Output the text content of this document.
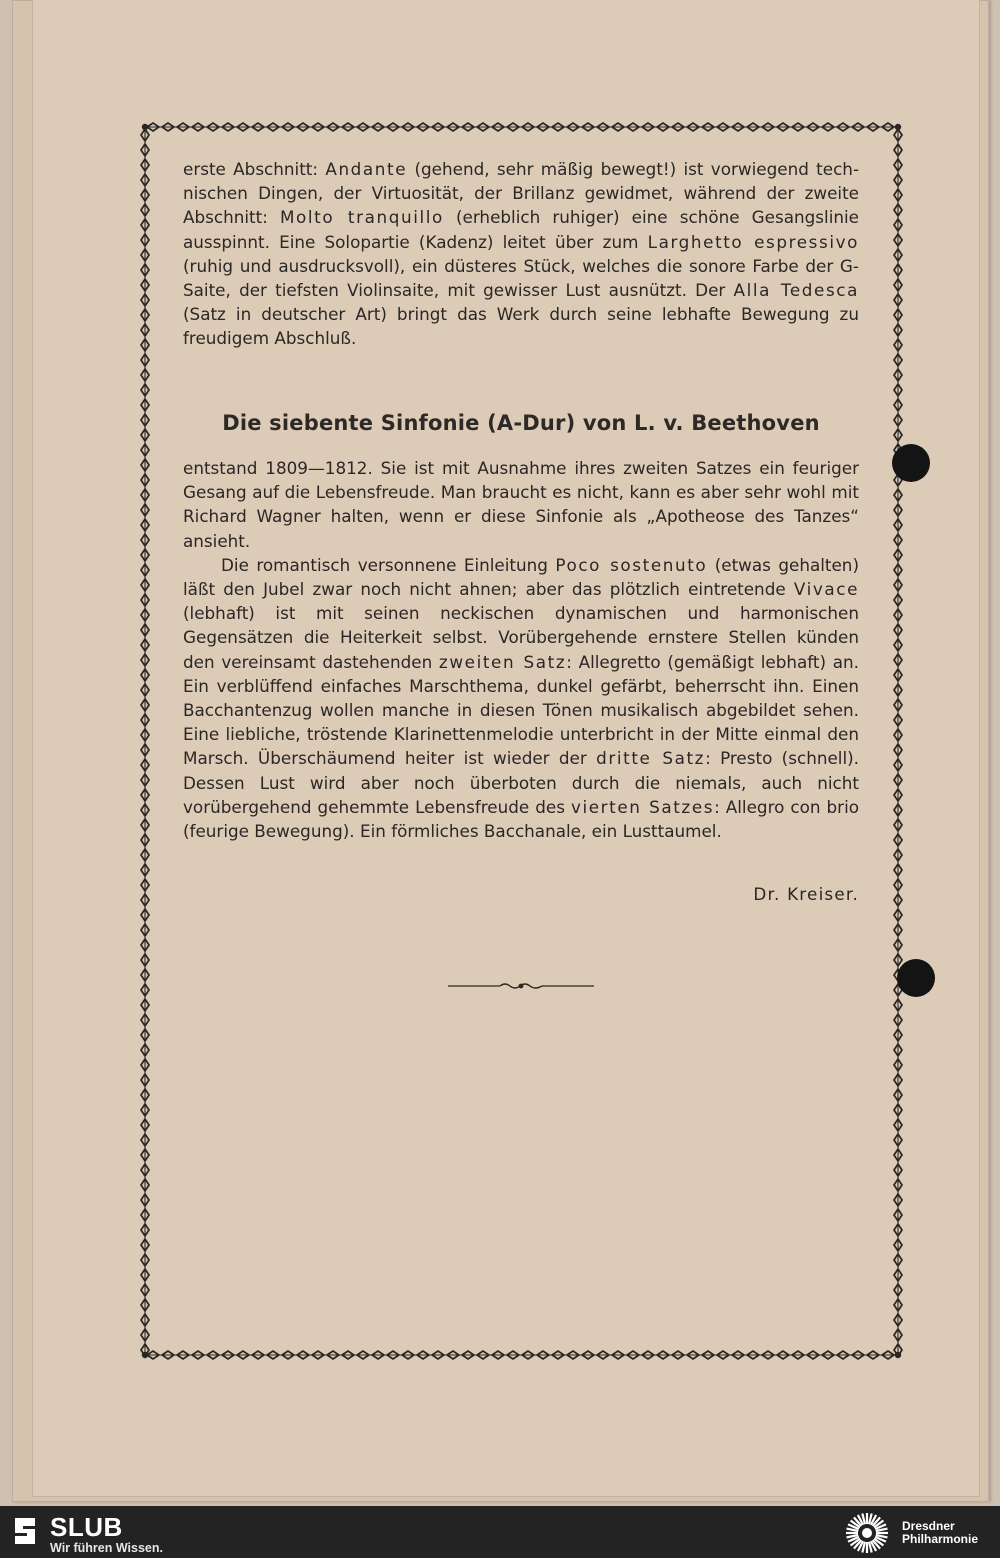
erste Abschnitt: Andante (gehend, sehr mäßig bewegt!) ist vorwiegend technischen Dingen, der Virtuosität, der Brillanz gewidmet, während der zweite Abschnitt: Molto tranquillo (erheblich ruhiger) eine schöne Gesangslinie ausspinnt. Eine Solopartie (Kadenz) leitet über zum Larghetto espressivo (ruhig und ausdrucksvoll), ein düsteres Stück, welches die sonore Farbe der G-Saite, der tiefsten Violinsaite, mit gewisser Lust ausnützt. Der Alla Tedesca (Satz in deutscher Art) bringt das Werk durch seine lebhafte Bewegung zu freudigem Abschluß.
Die siebente Sinfonie (A-Dur) von L. v. Beethoven

entstand 1809—1812. Sie ist mit Ausnahme ihres zweiten Satzes ein feuriger Gesang auf die Lebensfreude. Man braucht es nicht, kann es aber sehr wohl mit Richard Wagner halten, wenn er diese Sinfonie als „Apotheose des Tanzes“ ansieht.

Die romantisch versonnene Einleitung Poco sostenuto (etwas gehalten) läßt den Jubel zwar noch nicht ahnen; aber das plötzlich eintretende Vivace (lebhaft) ist mit seinen neckischen dynamischen und harmonischen Gegensätzen die Heiterkeit selbst. Vorübergehende ernstere Stellen künden den vereinsamt dastehenden zweiten Satz: Allegretto (gemäßigt lebhaft) an. Ein verblüffend einfaches Marschthema, dunkel gefärbt, beherrscht ihn. Einen Bacchantenzug wollen manche in diesen Tönen musikalisch abgebildet sehen. Eine liebliche, tröstende Klarinettenmelodie unterbricht in der Mitte einmal den Marsch. Überschäumend heiter ist wieder der dritte Satz: Presto (schnell). Dessen Lust wird aber noch überboten durch die niemals, auch nicht vorübergehend gehemmte Lebensfreude des vierten Satzes: Allegro con brio (feurige Bewegung). Ein förmliches Bacchanale, ein Lusttaumel.

Dr. Kreiser.
SLUB
Wir führen Wissen.
Dresdner
Philharmonie
